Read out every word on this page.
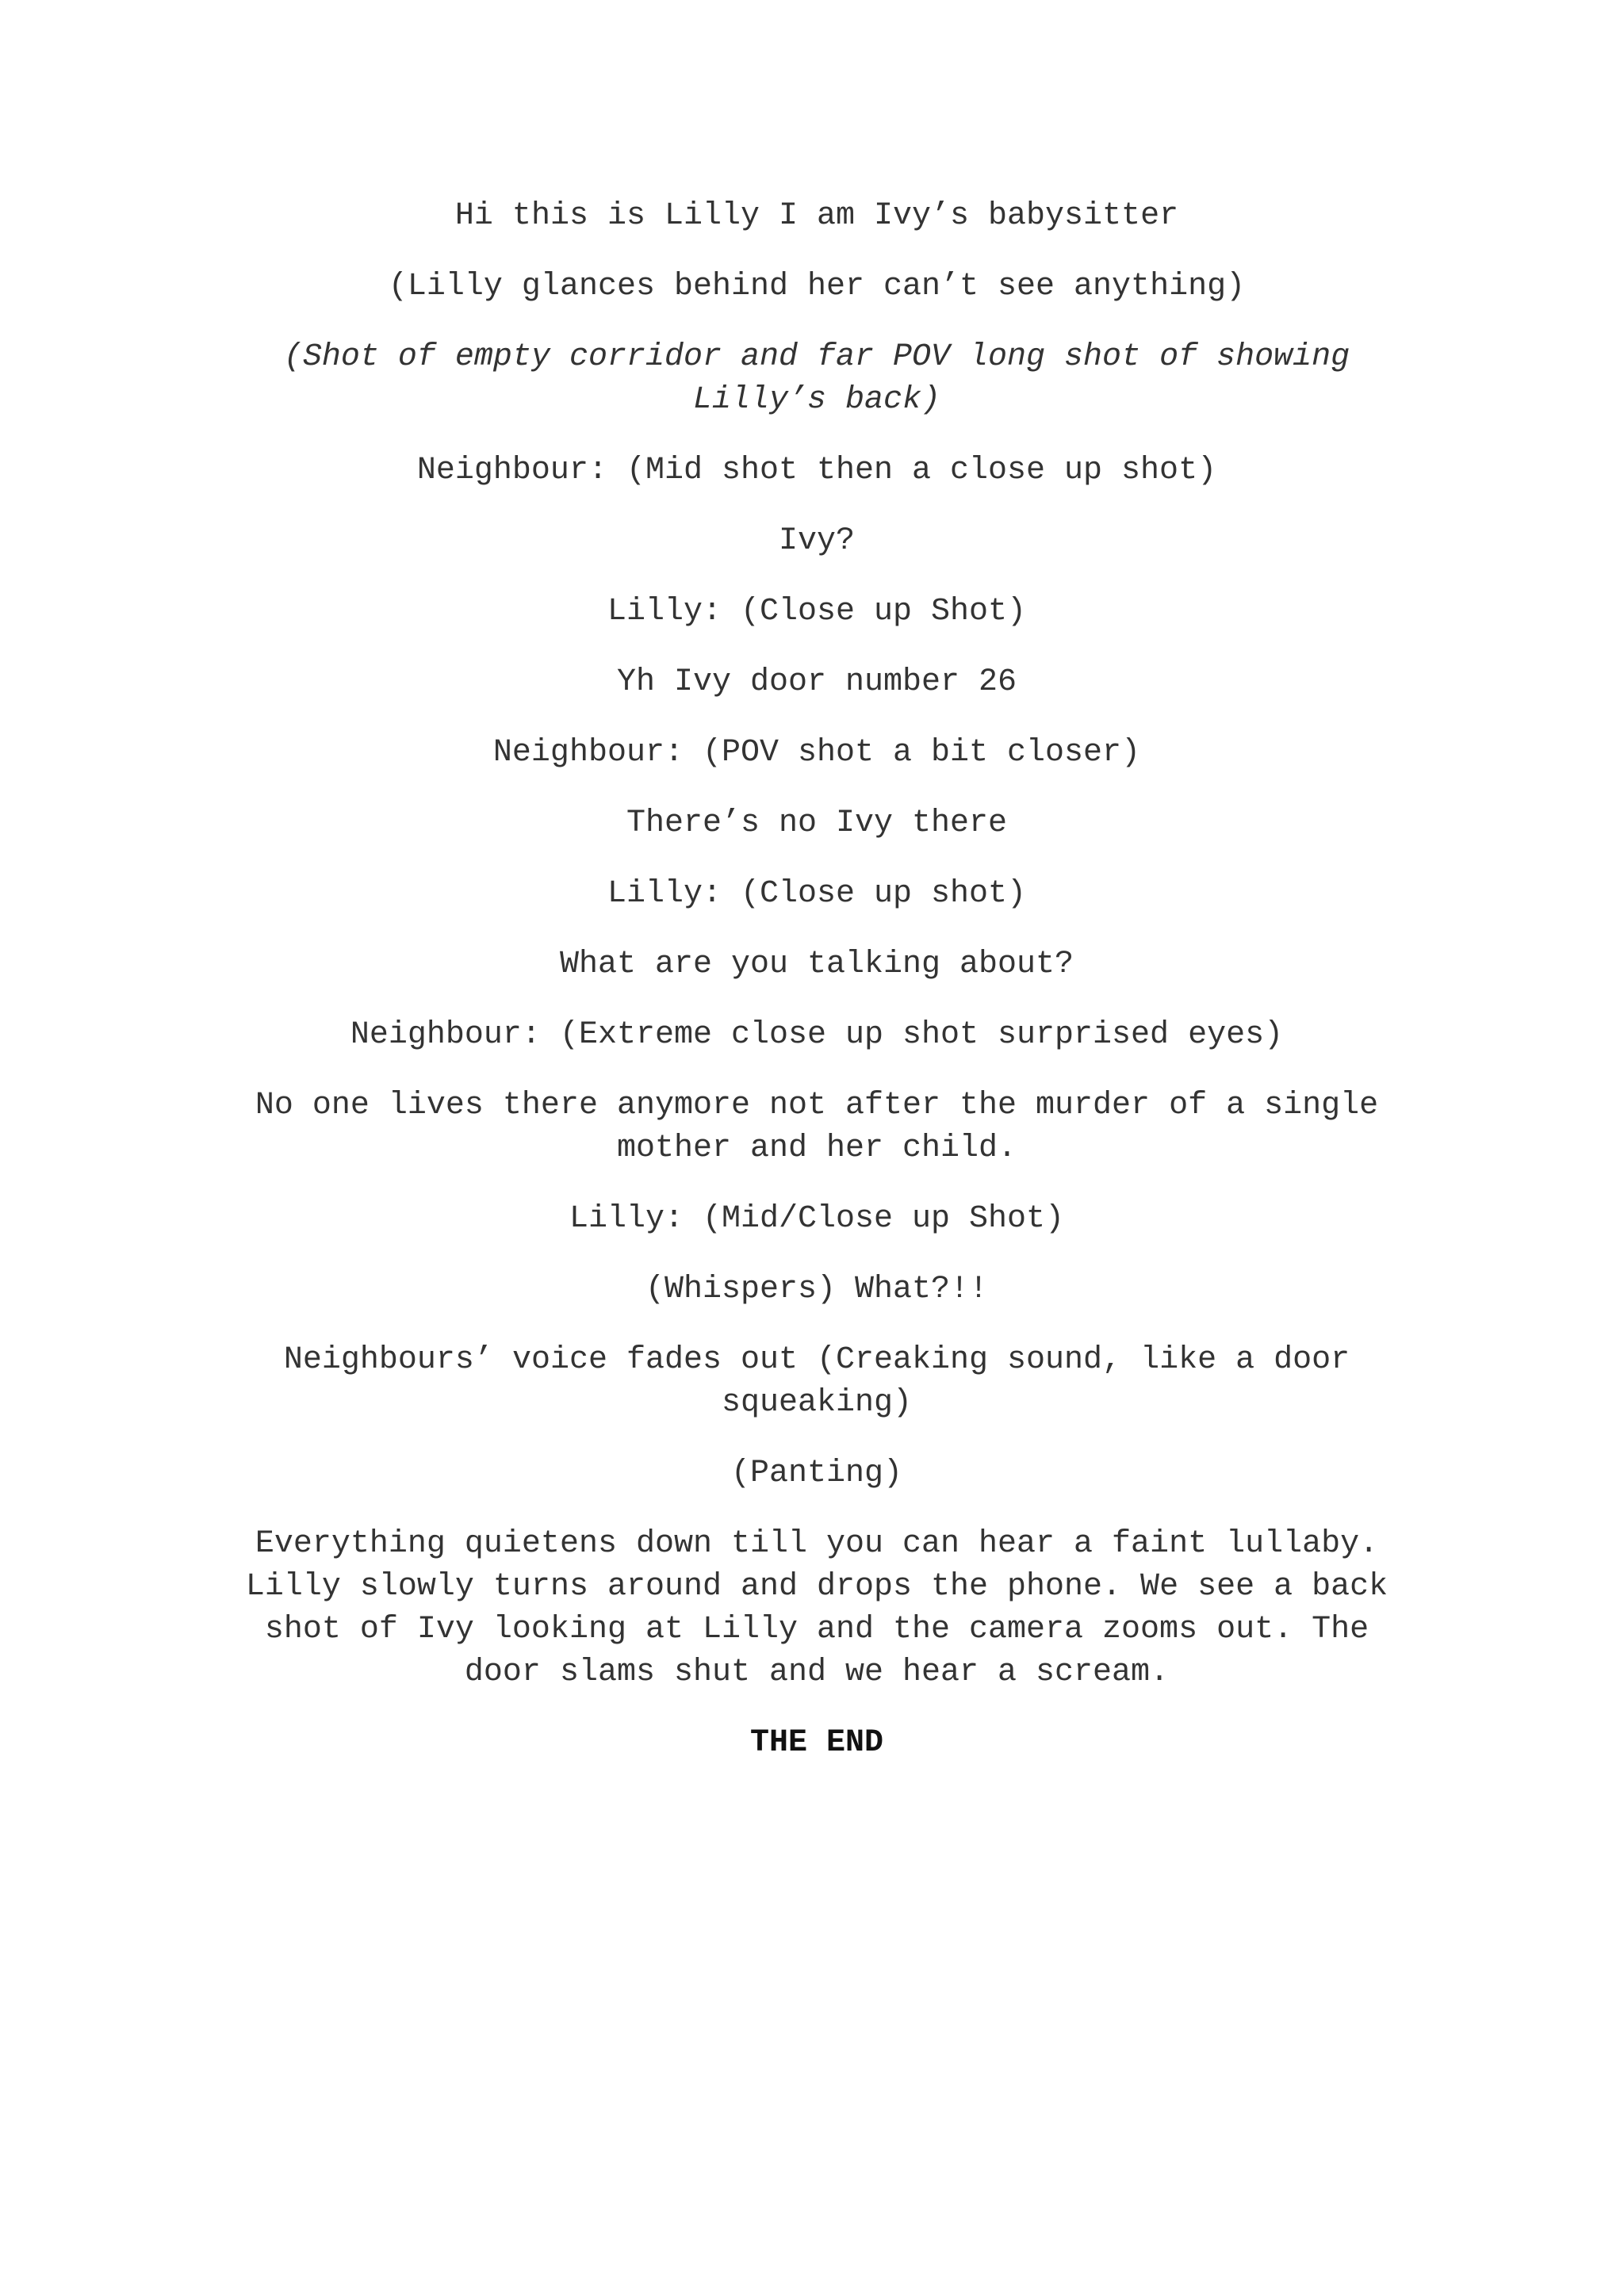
Hi this is Lilly I am Ivy’s babysitter

(Lilly glances behind her can’t see anything)

(Shot of empty corridor and far POV long shot of showing Lilly’s back)

Neighbour: (Mid shot then a close up shot)

Ivy?

Lilly: (Close up Shot)

Yh Ivy door number 26

Neighbour: (POV shot a bit closer)

There’s no Ivy there

Lilly: (Close up shot)

What are you talking about?

Neighbour: (Extreme close up shot surprised eyes)

No one lives there anymore not after the murder of a single mother and her child.

Lilly: (Mid/Close up Shot)

(Whispers) What?!!

Neighbours’ voice fades out (Creaking sound, like a door squeaking)

(Panting)

Everything quietens down till you can hear a faint lullaby. Lilly slowly turns around and drops the phone. We see a back shot of Ivy looking at Lilly and the camera zooms out. The door slams shut and we hear a scream.

THE END
